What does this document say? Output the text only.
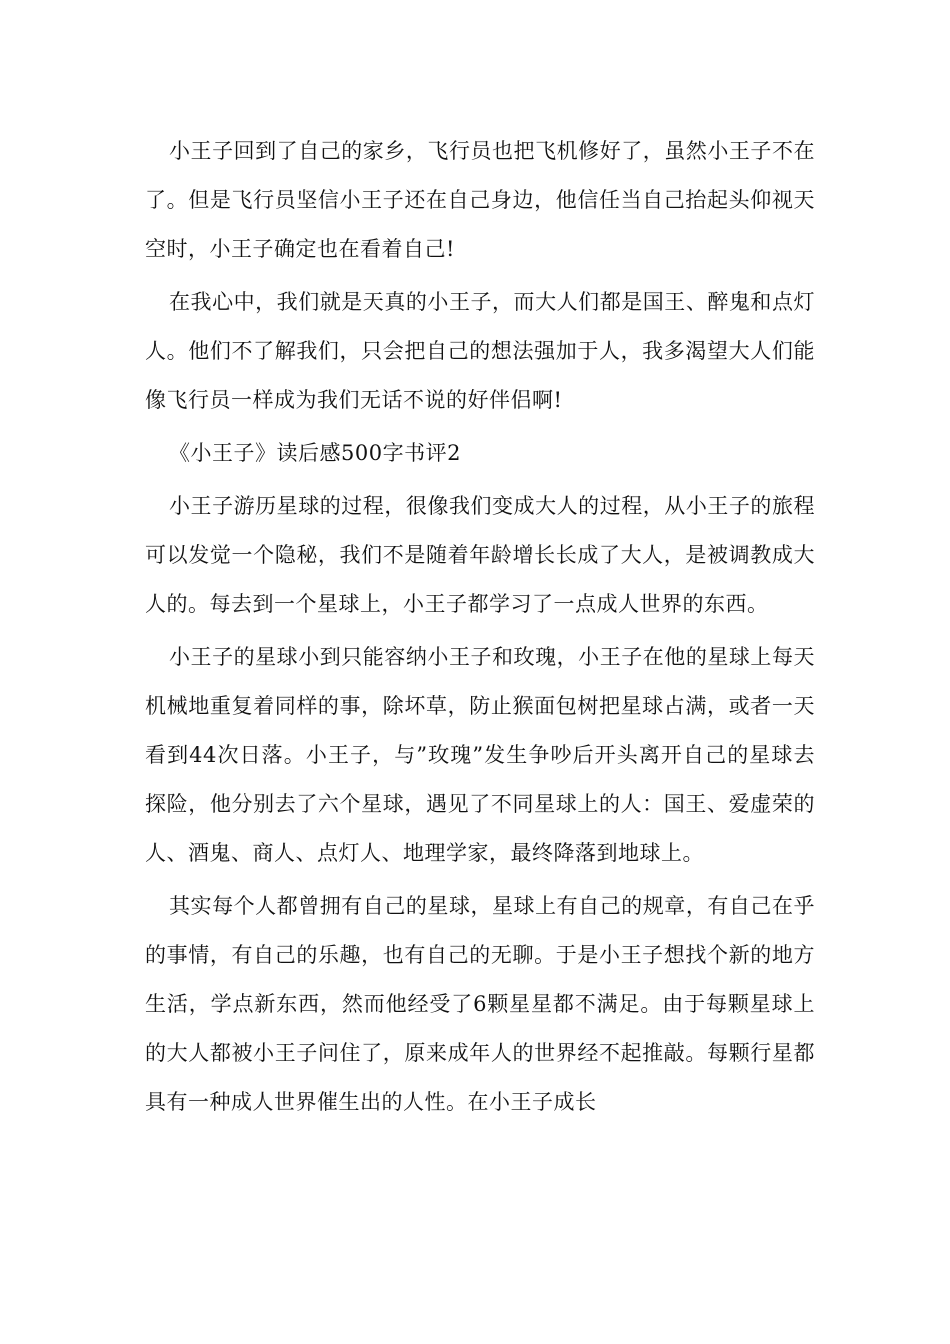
小王子回到了自己的家乡，飞行员也把飞机修好了，虽然小王子不在了。但是飞行员坚信小王子还在自己身边，他信任当自己抬起头仰视天空时，小王子确定也在看着自己!

在我心中，我们就是天真的小王子，而大人们都是国王、醉鬼和点灯人。他们不了解我们，只会把自己的想法强加于人，我多渴望大人们能像飞行员一样成为我们无话不说的好伴侣啊!

《小王子》读后感500字书评2

小王子游历星球的过程，很像我们变成大人的过程，从小王子的旅程可以发觉一个隐秘，我们不是随着年龄增长长成了大人，是被调教成大人的。每去到一个星球上，小王子都学习了一点成人世界的东西。

小王子的星球小到只能容纳小王子和玫瑰，小王子在他的星球上每天机械地重复着同样的事，除坏草，防止猴面包树把星球占满，或者一天看到44次日落。小王子，与”玫瑰”发生争吵后开头离开自己的星球去探险，他分别去了六个星球，遇见了不同星球上的人：国王、爱虚荣的人、酒鬼、商人、点灯人、地理学家，最终降落到地球上。

其实每个人都曾拥有自己的星球，星球上有自己的规章，有自己在乎的事情，有自己的乐趣，也有自己的无聊。于是小王子想找个新的地方生活，学点新东西，然而他经受了6颗星星都不满足。由于每颗星球上的大人都被小王子问住了，原来成年人的世界经不起推敲。每颗行星都具有一种成人世界催生出的人性。在小王子成长
